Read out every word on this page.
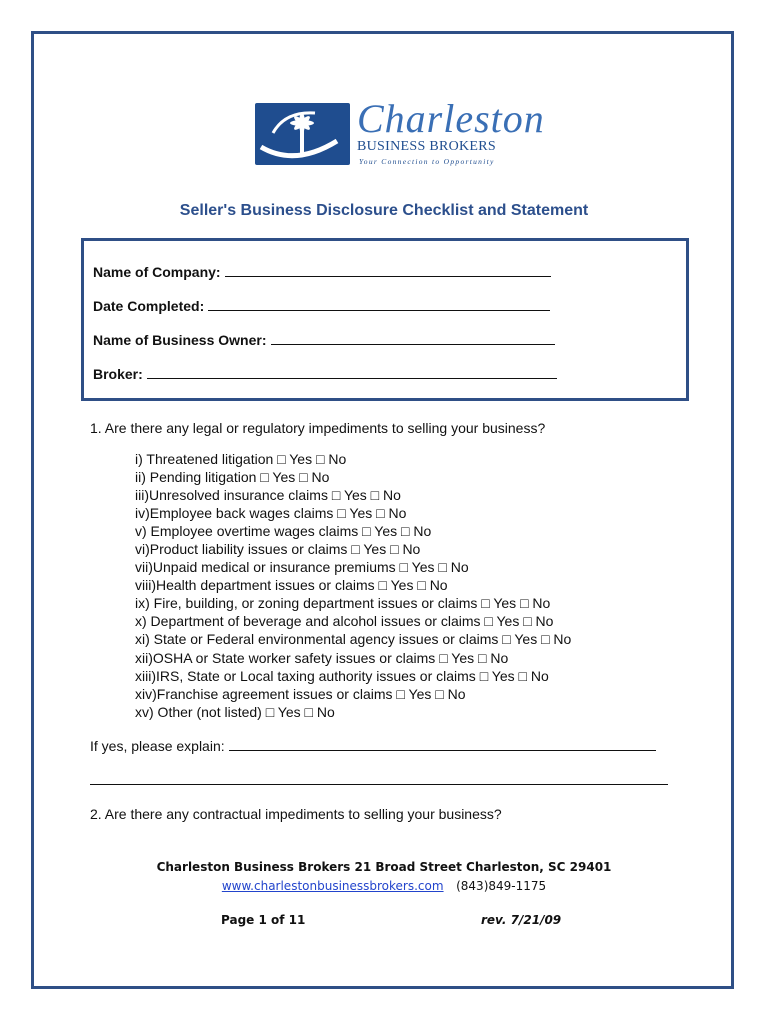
Charleston
BUSINESS BROKERS
Your Connection to Opportunity
Seller's Business Disclosure Checklist and Statement
Name of Company:
Date Completed:
Name of Business Owner:
Broker:
1. Are there any legal or regulatory impediments to selling your business?
i) Threatened litigation □ Yes □ No
ii) Pending litigation □ Yes □ No
iii)Unresolved insurance claims □ Yes □ No
iv)Employee back wages claims □ Yes □ No
v) Employee overtime wages claims □ Yes □ No
vi)Product liability issues or claims □ Yes □ No
vii)Unpaid medical or insurance premiums □ Yes □ No
viii)Health department issues or claims □ Yes □ No
ix) Fire, building, or zoning department issues or claims □ Yes □ No
x) Department of beverage and alcohol issues or claims □ Yes □ No
xi) State or Federal environmental agency issues or claims □ Yes □ No
xii)OSHA or State worker safety issues or claims □ Yes □ No
xiii)IRS, State or Local taxing authority issues or claims □ Yes □ No
xiv)Franchise agreement issues or claims □ Yes □ No
xv) Other (not listed) □ Yes □ No
If yes, please explain:
2. Are there any contractual impediments to selling your business?
Charleston Business Brokers 21 Broad Street Charleston, SC 29401
www.charlestonbusinessbrokers.com (843)849-1175
Page 1 of 11	rev. 7/21/09
